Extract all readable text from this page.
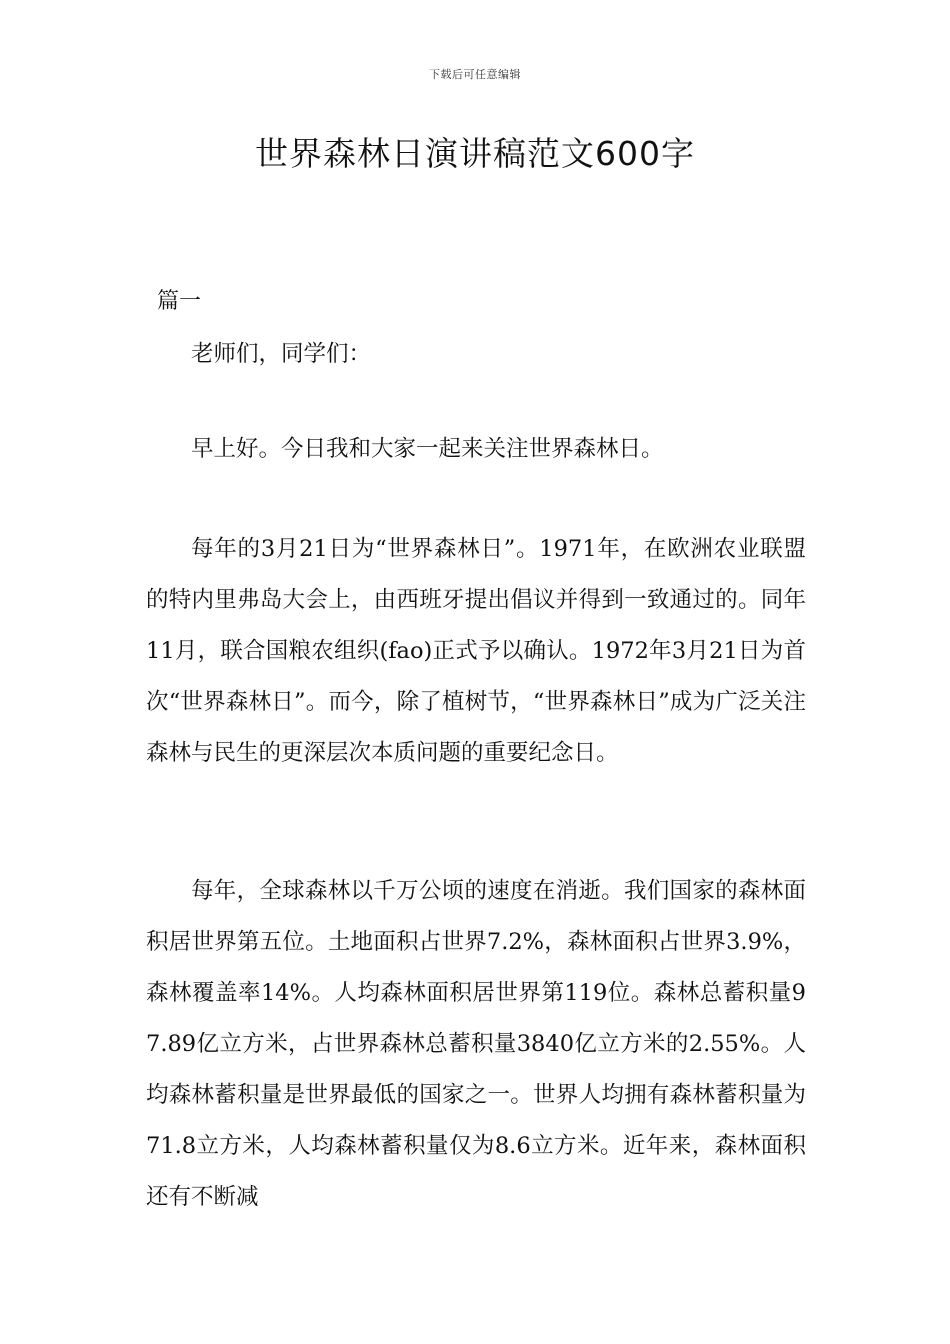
下载后可任意编辑
世界森林日演讲稿范文600字
篇一

老师们，同学们：

早上好。今日我和大家一起来关注世界森林日。

每年的3月21日为“世界森林日”。1971年，在欧洲农业联盟的特内里弗岛大会上，由西班牙提出倡议并得到一致通过的。同年11月，联合国粮农组织(fao)正式予以确认。1972年3月21日为首次“世界森林日”。而今，除了植树节，“世界森林日”成为广泛关注森林与民生的更深层次本质问题的重要纪念日。

每年，全球森林以千万公顷的速度在消逝。我们国家的森林面积居世界第五位。土地面积占世界7.2%，森林面积占世界3.9%，森林覆盖率14%。人均森林面积居世界第119位。森林总蓄积量97.89亿立方米，占世界森林总蓄积量3840亿立方米的2.55%。人均森林蓄积量是世界最低的国家之一。世界人均拥有森林蓄积量为71.8立方米，人均森林蓄积量仅为8.6立方米。近年来，森林面积还有不断减
